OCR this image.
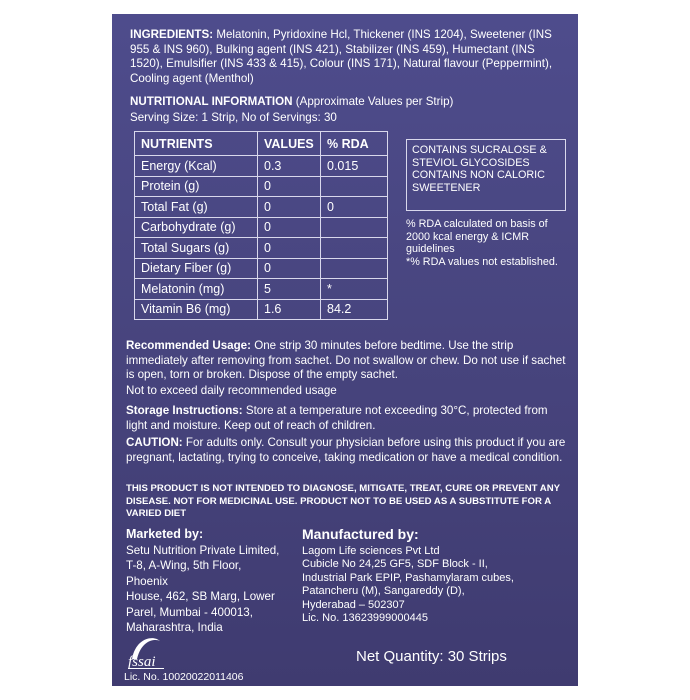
INGREDIENTS: Melatonin, Pyridoxine Hcl, Thickener (INS 1204), Sweetener (INS 955 & INS 960), Bulking agent (INS 421), Stabilizer (INS 459), Humectant (INS 1520), Emulsifier (INS 433 & 415), Colour (INS 171), Natural flavour (Peppermint), Cooling agent (Menthol)

NUTRITIONAL INFORMATION (Approximate Values per Strip)

Serving Size: 1 Strip, No of Servings: 30

NUTRIENTS	VALUES	% RDA
Energy (Kcal)	0.3	0.015
Protein (g)	0	
Total Fat (g)	0	0
Carbohydrate (g)	0	
Total Sugars (g)	0	
Dietary Fiber (g)	0	
Melatonin (mg)	5	*
Vitamin B6 (mg)	1.6	84.2
CONTAINS SUCRALOSE & STEVIOL GLYCOSIDES CONTAINS NON CALORIC SWEETENER
% RDA calculated on basis of 2000 kcal energy & ICMR guidelines
*% RDA values not established.

Recommended Usage: One strip 30 minutes before bedtime. Use the strip immediately after removing from sachet. Do not swallow or chew. Do not use if sachet is open, torn or broken. Dispose of the empty sachet.

Not to exceed daily recommended usage

Storage Instructions: Store at a temperature not exceeding 30°C, protected from light and moisture. Keep out of reach of children.

CAUTION: For adults only. Consult your physician before using this product if you are pregnant, lactating, trying to conceive, taking medication or have a medical condition.

THIS PRODUCT IS NOT INTENDED TO DIAGNOSE, MITIGATE, TREAT, CURE OR PREVENT ANY DISEASE. NOT FOR MEDICINAL USE. PRODUCT NOT TO BE USED AS A SUBSTITUTE FOR A VARIED DIET

Marketed by:
Setu Nutrition Private Limited,
T-8, A-Wing, 5th Floor, Phoenix
House, 462, SB Marg, Lower
Parel, Mumbai - 400013,
Maharashtra, India
Manufactured by:
Lagom Life sciences Pvt Ltd
Cubicle No 24,25 GF5, SDF Block - II,
Industrial Park EPIP, Pashamylaram cubes,
Patancheru (M), Sangareddy (D),
Hyderabad – 502307
Lic. No. 13623999000445
fssai
Lic. No. 10020022011406
Net Quantity: 30 Strips
